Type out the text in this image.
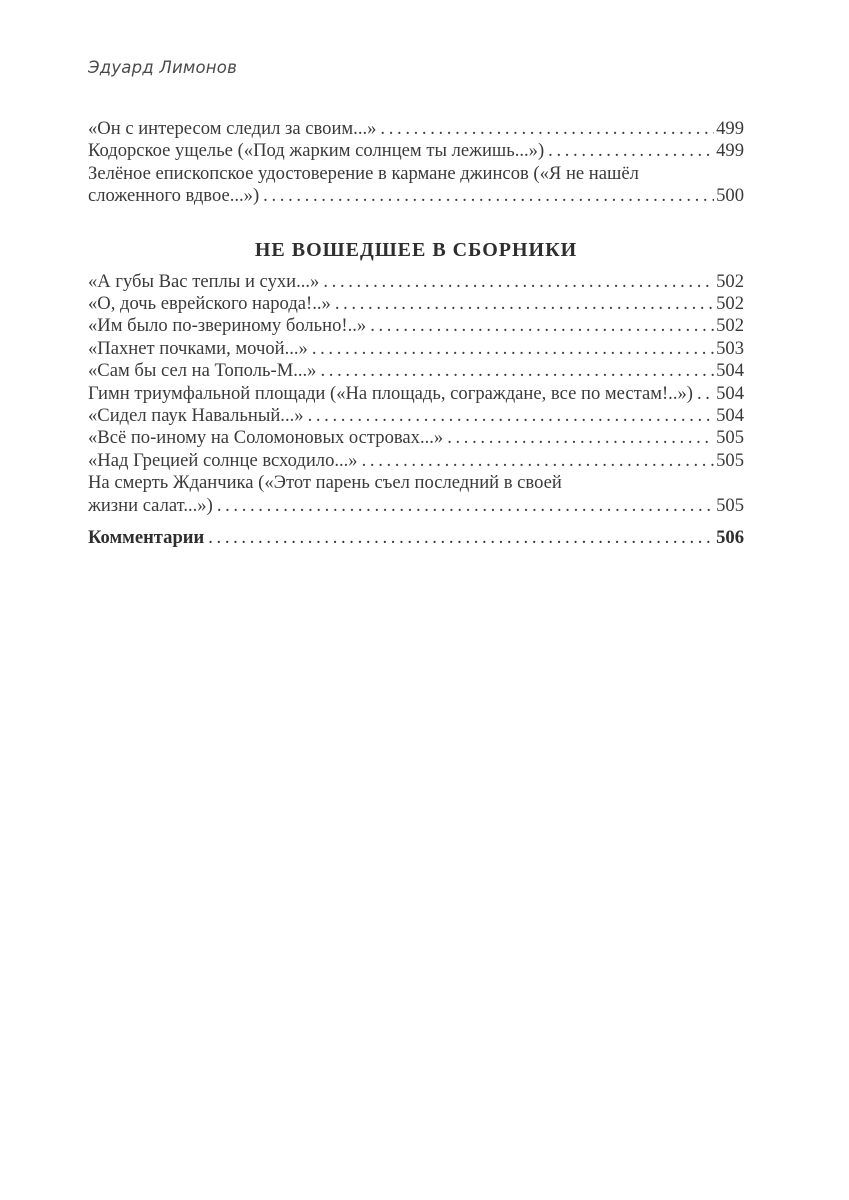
Эдуард Лимонов
«Он с интересом следил за своим...» . . .	499
Кодорское ущелье («Под жарким солнцем ты лежишь...») . . .	499
Зелёное епископское удостоверение в кармане джинсов («Я не нашёл
сложенного вдвое...») . . .	500
НЕ ВОШЕДШЕЕ В СБОРНИКИ
«А губы Вас теплы и сухи...» . . .	502
«О, дочь еврейского народа!..» . . .	502
«Им было по-звериному больно!..» . . .	502
«Пахнет почками, мочой...» . . .	503
«Сам бы сел на Тополь-М...» . . .	504
Гимн триумфальной площади («На площадь, сограждане, все по местам!..») . . . 504
«Сидел паук Навальный...» . . .	504
«Всё по-иному на Соломоновых островах...» . . .	505
«Над Грецией солнце всходило...» . . .	505
На смерть Жданчика («Этот парень съел последний в своей
жизни салат...») . . .	505
Комментарии . . .	506
